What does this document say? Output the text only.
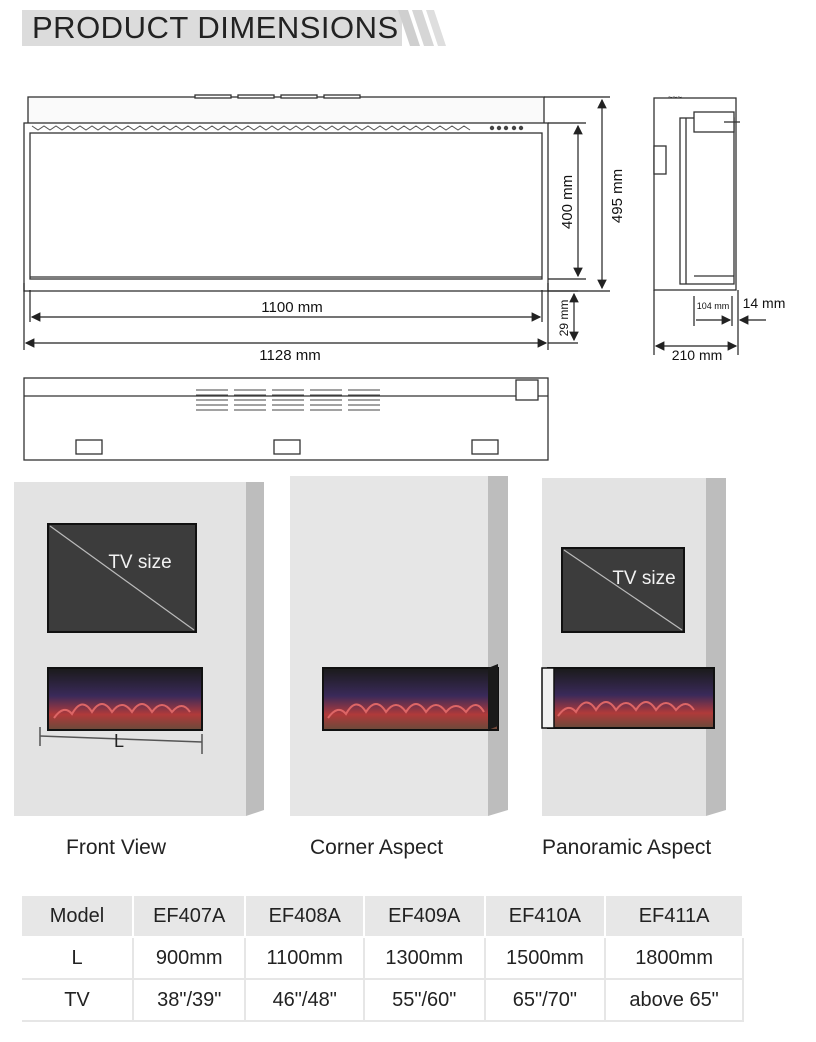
PRODUCT DIMENSIONS
1100 mm
1128 mm
400 mm 495 mm
29 mm
~~~
210 mm
104 mm 14 mm
TV size
L
TV size
Front View	Corner Aspect	Panoramic Aspect
Model	EF407A	EF408A	EF409A	EF410A	EF411A
L	900mm	1100mm	1300mm	1500mm	1800mm
TV	38"/39"	46"/48"	55"/60"	65"/70"	above 65"
